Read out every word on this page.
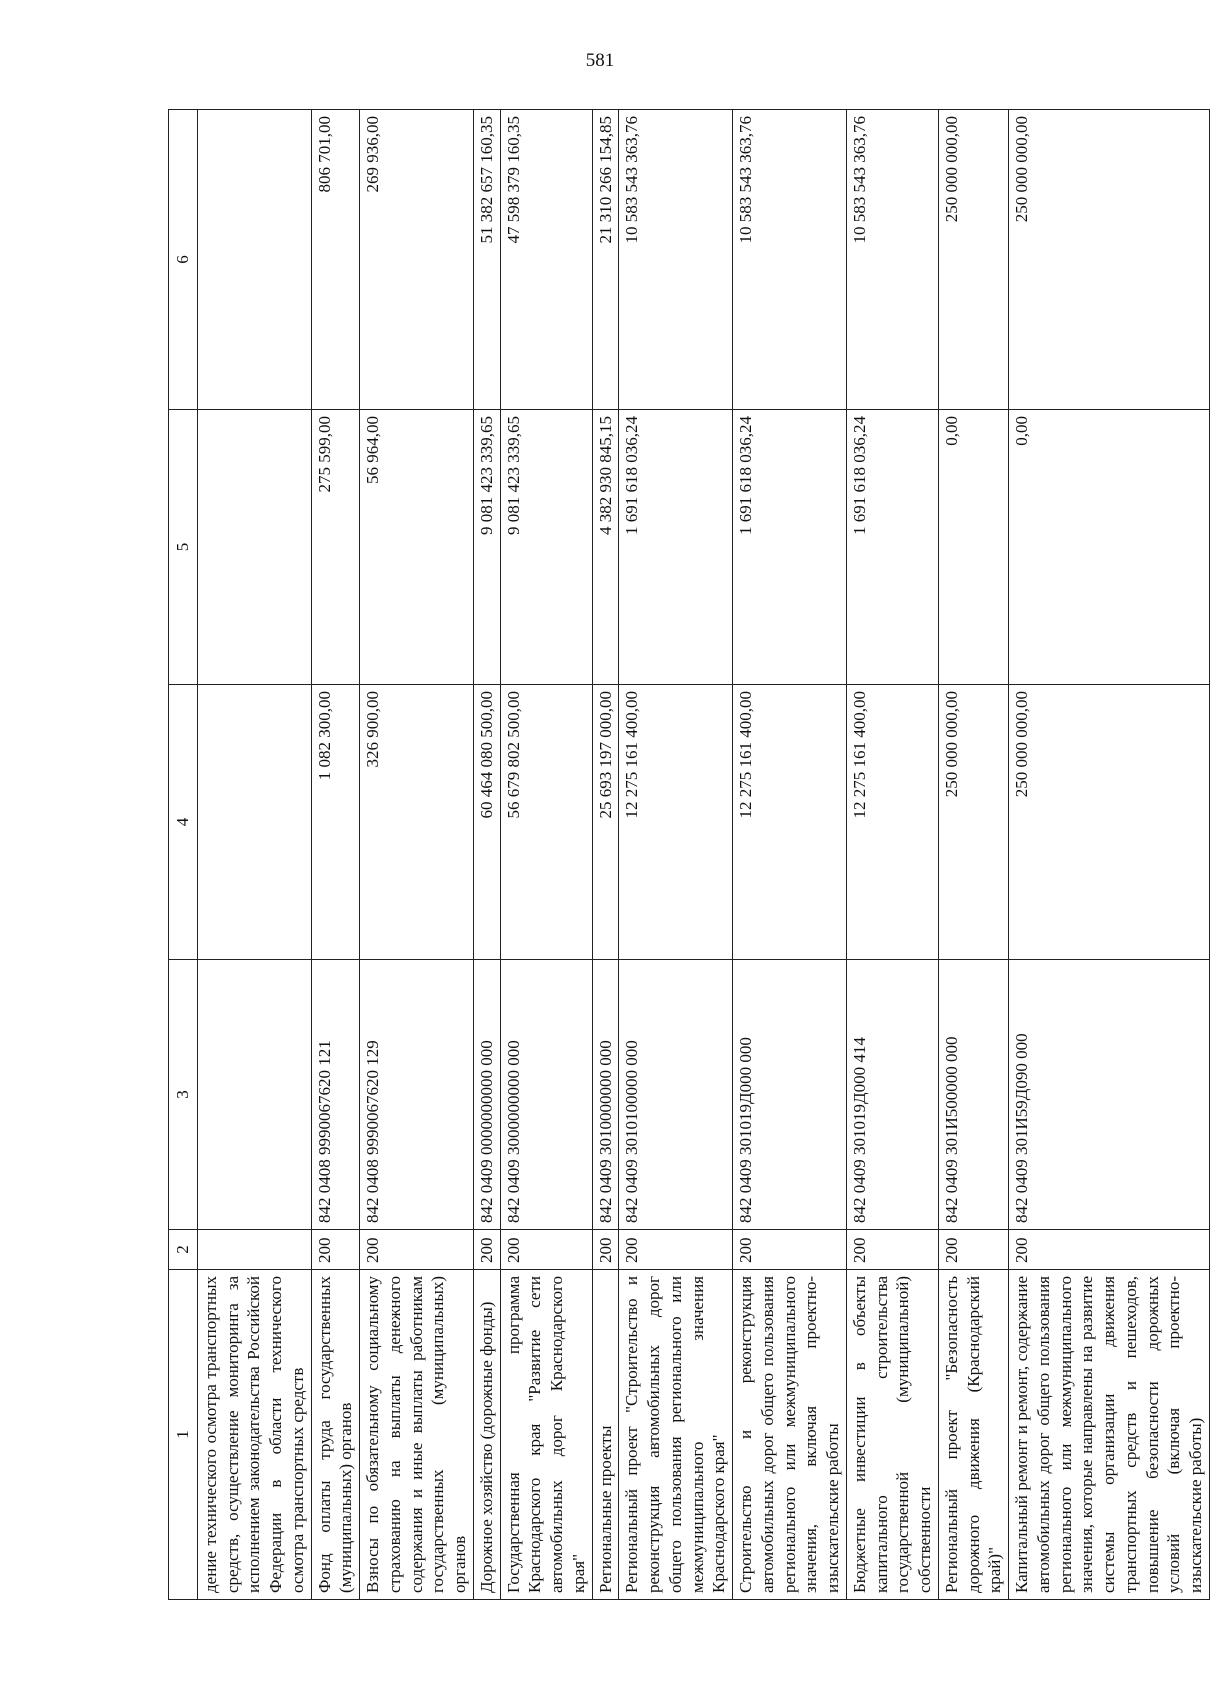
581
1	2	3	4	5	6
дение технического осмотра транспортных средств, осуществление мониторинга за исполнением законодательства Российской Федерации в области технического осмотра транспортных средств					
Фонд оплаты труда государственных (муниципальных) органов	200	842 0408 9990067620 121	1 082 300,00	275 599,00	806 701,00
Взносы по обязательному социальному страхованию на выплаты денежного содержания и иные выплаты работникам государственных (муниципальных) органов	200	842 0408 9990067620 129	326 900,00	56 964,00	269 936,00
Дорожное хозяйство (дорожные фонды)	200	842 0409 0000000000 000	60 464 080 500,00	9 081 423 339,65	51 382 657 160,35
Государственная программа Краснодарского края "Развитие сети автомобильных дорог Краснодарского края"	200	842 0409 3000000000 000	56 679 802 500,00	9 081 423 339,65	47 598 379 160,35
Региональные проекты	200	842 0409 3010000000 000	25 693 197 000,00	4 382 930 845,15	21 310 266 154,85
Региональный проект "Строительство и реконструкция автомобильных дорог общего пользования регионального или межмуниципального значения Краснодарского края"	200	842 0409 3010100000 000	12 275 161 400,00	1 691 618 036,24	10 583 543 363,76
Строительство и реконструкция автомобильных дорог общего пользования регионального или межмуниципального значения, включая проектно-изыскательские работы	200	842 0409 301019Д000 000	12 275 161 400,00	1 691 618 036,24	10 583 543 363,76
Бюджетные инвестиции в объекты капитального строительства государственной (муниципальной) собственности	200	842 0409 301019Д000 414	12 275 161 400,00	1 691 618 036,24	10 583 543 363,76
Региональный проект "Безопасность дорожного движения (Краснодарский край)"	200	842 0409 301И500000 000	250 000 000,00	0,00	250 000 000,00
Капитальный ремонт и ремонт, содержание автомобильных дорог общего пользования регионального или межмуниципального значения, которые направлены на развитие системы организации движения транспортных средств и пешеходов, повышение безопасности дорожных условий (включая проектно-изыскательские работы)	200	842 0409 301И59Д090 000	250 000 000,00	0,00	250 000 000,00
